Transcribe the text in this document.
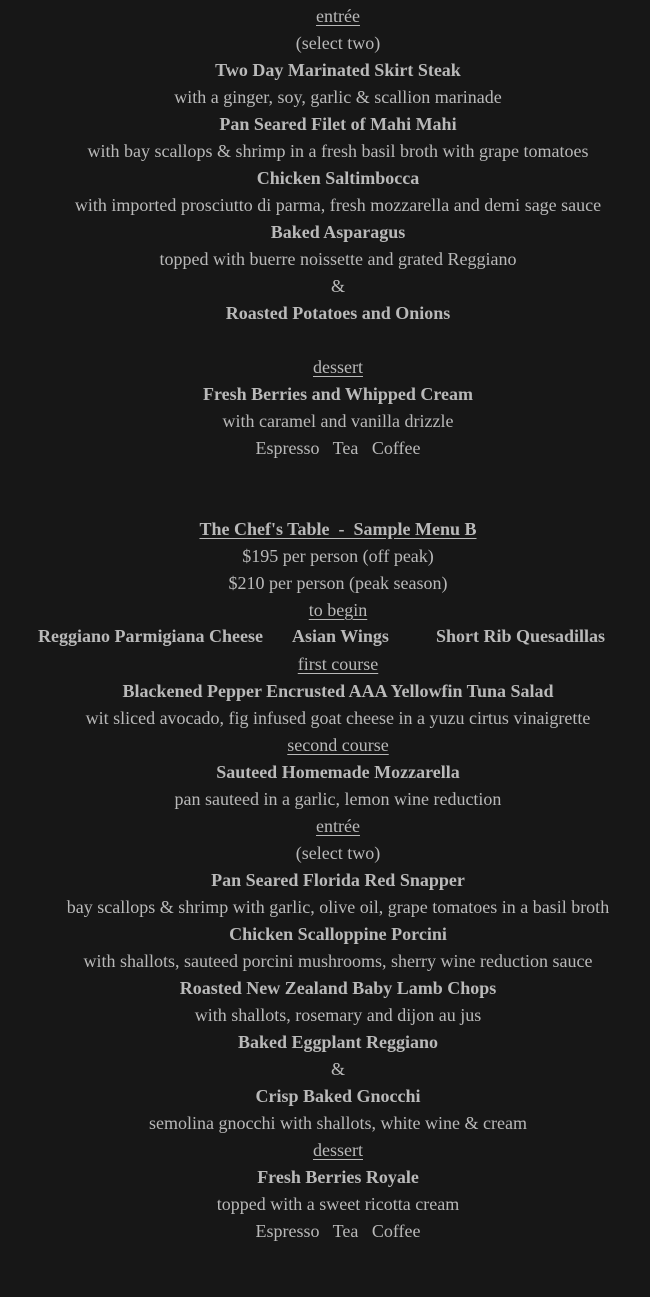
entrée
(select two)
Two Day Marinated Skirt Steak
with a ginger, soy, garlic & scallion marinade
Pan Seared Filet of Mahi Mahi
with bay scallops & shrimp in a fresh basil broth with grape tomatoes
Chicken Saltimbocca
with imported prosciutto di parma, fresh mozzarella and demi sage sauce
Baked Asparagus
topped with buerre noissette and grated Reggiano
&
Roasted Potatoes and Onions
dessert
Fresh Berries and Whipped Cream
with caramel and vanilla drizzle
Espresso   Tea   Coffee
The Chef's Table  -  Sample Menu B
$195 per person (off peak)
$210 per person (peak season)
to begin
Reggiano Parmigiana Cheese Asian Wings	Short Rib Quesadillas
first course
Blackened Pepper Encrusted AAA Yellowfin Tuna Salad
wit sliced avocado, fig infused goat cheese in a yuzu cirtus vinaigrette
second course
Sauteed Homemade Mozzarella
pan sauteed in a garlic, lemon wine reduction
entrée
(select two)
Pan Seared Florida Red Snapper
bay scallops & shrimp with garlic, olive oil, grape tomatoes in a basil broth
Chicken Scalloppine Porcini
with shallots, sauteed porcini mushrooms, sherry wine reduction sauce
Roasted New Zealand Baby Lamb Chops
with shallots, rosemary and dijon au jus
Baked Eggplant Reggiano
&
Crisp Baked Gnocchi
semolina gnocchi with shallots, white wine & cream
dessert
Fresh Berries Royale
topped with a sweet ricotta cream
Espresso   Tea   Coffee
